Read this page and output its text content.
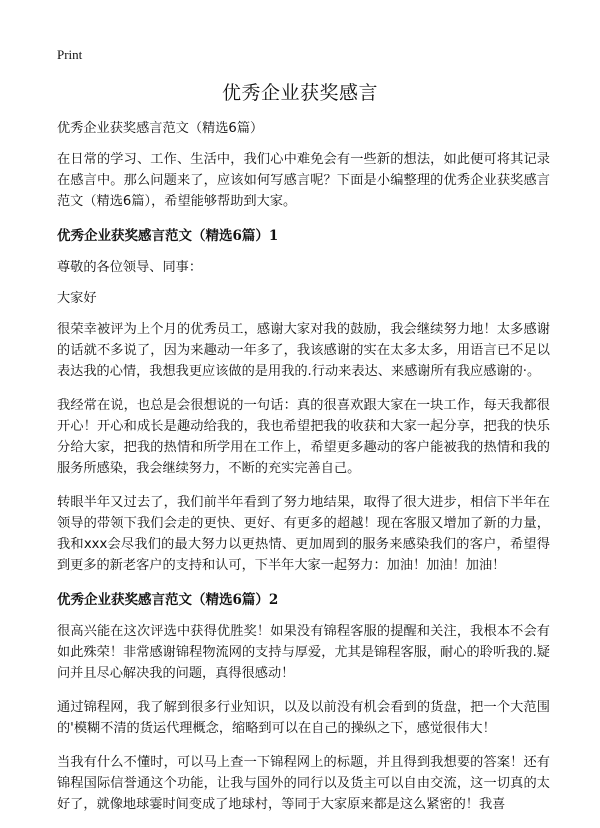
Print
优秀企业获奖感言

优秀企业获奖感言范文（精选6篇）

在日常的学习、工作、生活中，我们心中难免会有一些新的想法，如此便可将其记录在感言中。那么问题来了，应该如何写感言呢？下面是小编整理的优秀企业获奖感言范文（精选6篇），希望能够帮助到大家。

优秀企业获奖感言范文（精选6篇）1

尊敬的各位领导、同事：

大家好

很荣幸被评为上个月的优秀员工，感谢大家对我的鼓励，我会继续努力地！太多感谢的话就不多说了，因为来趣动一年多了，我该感谢的实在太多太多，用语言已不足以表达我的心情，我想我更应该做的是用我的.行动来表达、来感谢所有我应感谢的·。

我经常在说，也总是会很想说的一句话：真的很喜欢跟大家在一块工作，每天我都很开心！开心和成长是趣动给我的，我也希望把我的收获和大家一起分享，把我的快乐分给大家，把我的热情和所学用在工作上，希望更多趣动的客户能被我的热情和我的服务所感染，我会继续努力，不断的充实完善自己。

转眼半年又过去了，我们前半年看到了努力地结果，取得了很大进步，相信下半年在领导的带领下我们会走的更快、更好、有更多的超越！现在客服又增加了新的力量，我和xxx会尽我们的最大努力以更热情、更加周到的服务来感染我们的客户，希望得到更多的新老客户的支持和认可，下半年大家一起努力：加油！加油！加油！

优秀企业获奖感言范文（精选6篇）2

很高兴能在这次评选中获得优胜奖！如果没有锦程客服的提醒和关注，我根本不会有如此殊荣！非常感谢锦程物流网的支持与厚爱，尤其是锦程客服，耐心的聆听我的.疑问并且尽心解决我的问题，真得很感动！

通过锦程网，我了解到很多行业知识，以及以前没有机会看到的货盘，把一个大范围的'模糊不清的货运代理概念，缩略到可以在自己的操纵之下，感觉很伟大！

当我有什么不懂时，可以马上查一下锦程网上的标题，并且得到我想要的答案！还有锦程国际信誉通这个功能，让我与国外的同行以及货主可以自由交流，这一切真的太好了，就像地球霎时间变成了地球村，等同于大家原来都是这么紧密的！我喜
